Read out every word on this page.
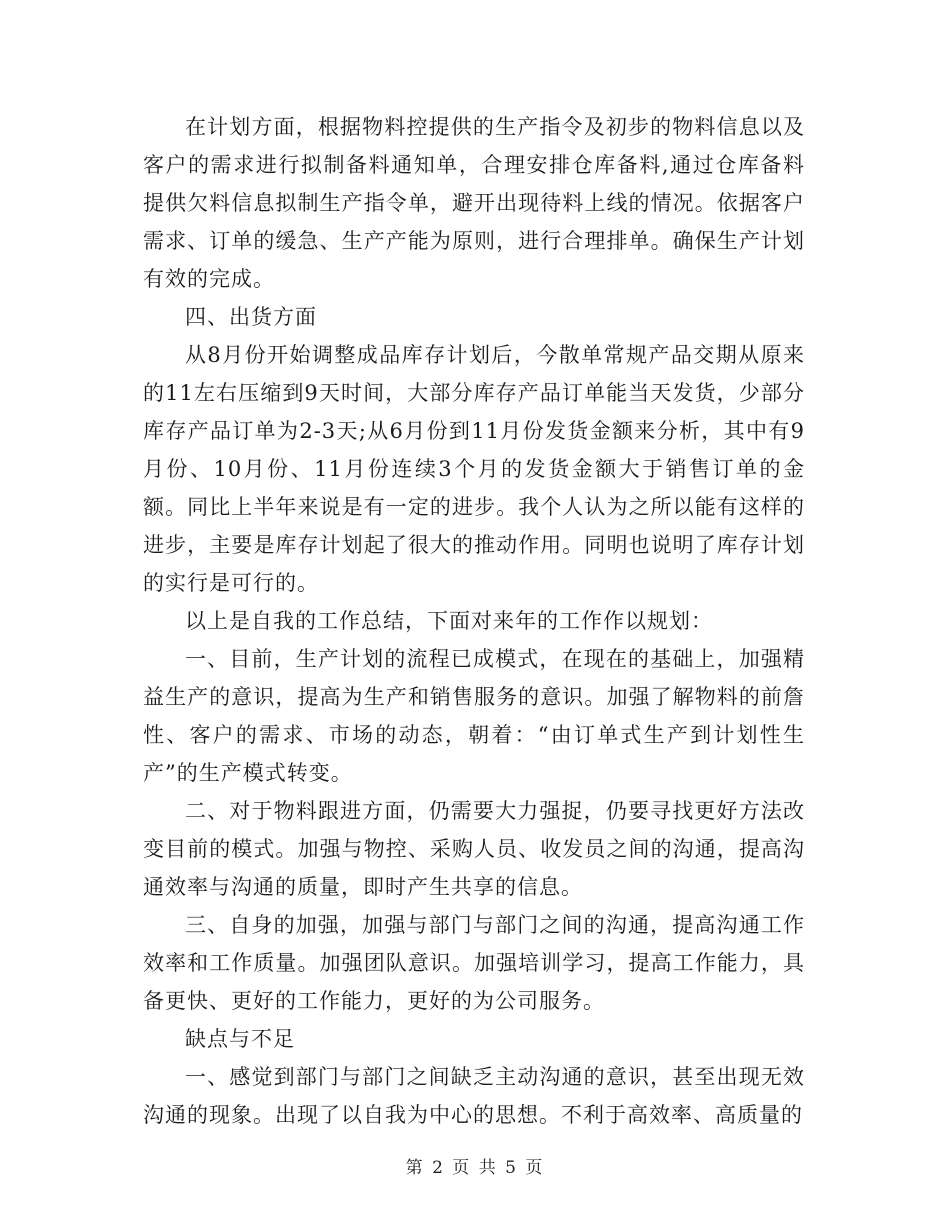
在计划方面，根据物料控提供的生产指令及初步的物料信息以及客户的需求进行拟制备料通知单，合理安排仓库备料,通过仓库备料提供欠料信息拟制生产指令单，避开出现待料上线的情况。依据客户需求、订单的缓急、生产产能为原则，进行合理排单。确保生产计划有效的完成。

四、出货方面

从8月份开始调整成品库存计划后，今散单常规产品交期从原来的11左右压缩到9天时间，大部分库存产品订单能当天发货，少部分库存产品订单为2-3天;从6月份到11月份发货金额来分析，其中有9月份、10月份、11月份连续3个月的发货金额大于销售订单的金额。同比上半年来说是有一定的进步。我个人认为之所以能有这样的进步，主要是库存计划起了很大的推动作用。同明也说明了库存计划的实行是可行的。

以上是自我的工作总结，下面对来年的工作作以规划：

一、目前，生产计划的流程已成模式，在现在的基础上，加强精益生产的意识，提高为生产和销售服务的意识。加强了解物料的前詹性、客户的需求、市场的动态，朝着：“由订单式生产到计划性生产”的生产模式转变。

二、对于物料跟进方面，仍需要大力强捉，仍要寻找更好方法改变目前的模式。加强与物控、采购人员、收发员之间的沟通，提高沟通效率与沟通的质量，即时产生共享的信息。

三、自身的加强，加强与部门与部门之间的沟通，提高沟通工作效率和工作质量。加强团队意识。加强培训学习，提高工作能力，具备更快、更好的工作能力，更好的为公司服务。

缺点与不足

一、感觉到部门与部门之间缺乏主动沟通的意识，甚至出现无效沟通的现象。出现了以自我为中心的思想。不利于高效率、高质量的

第 2 页 共 5 页
